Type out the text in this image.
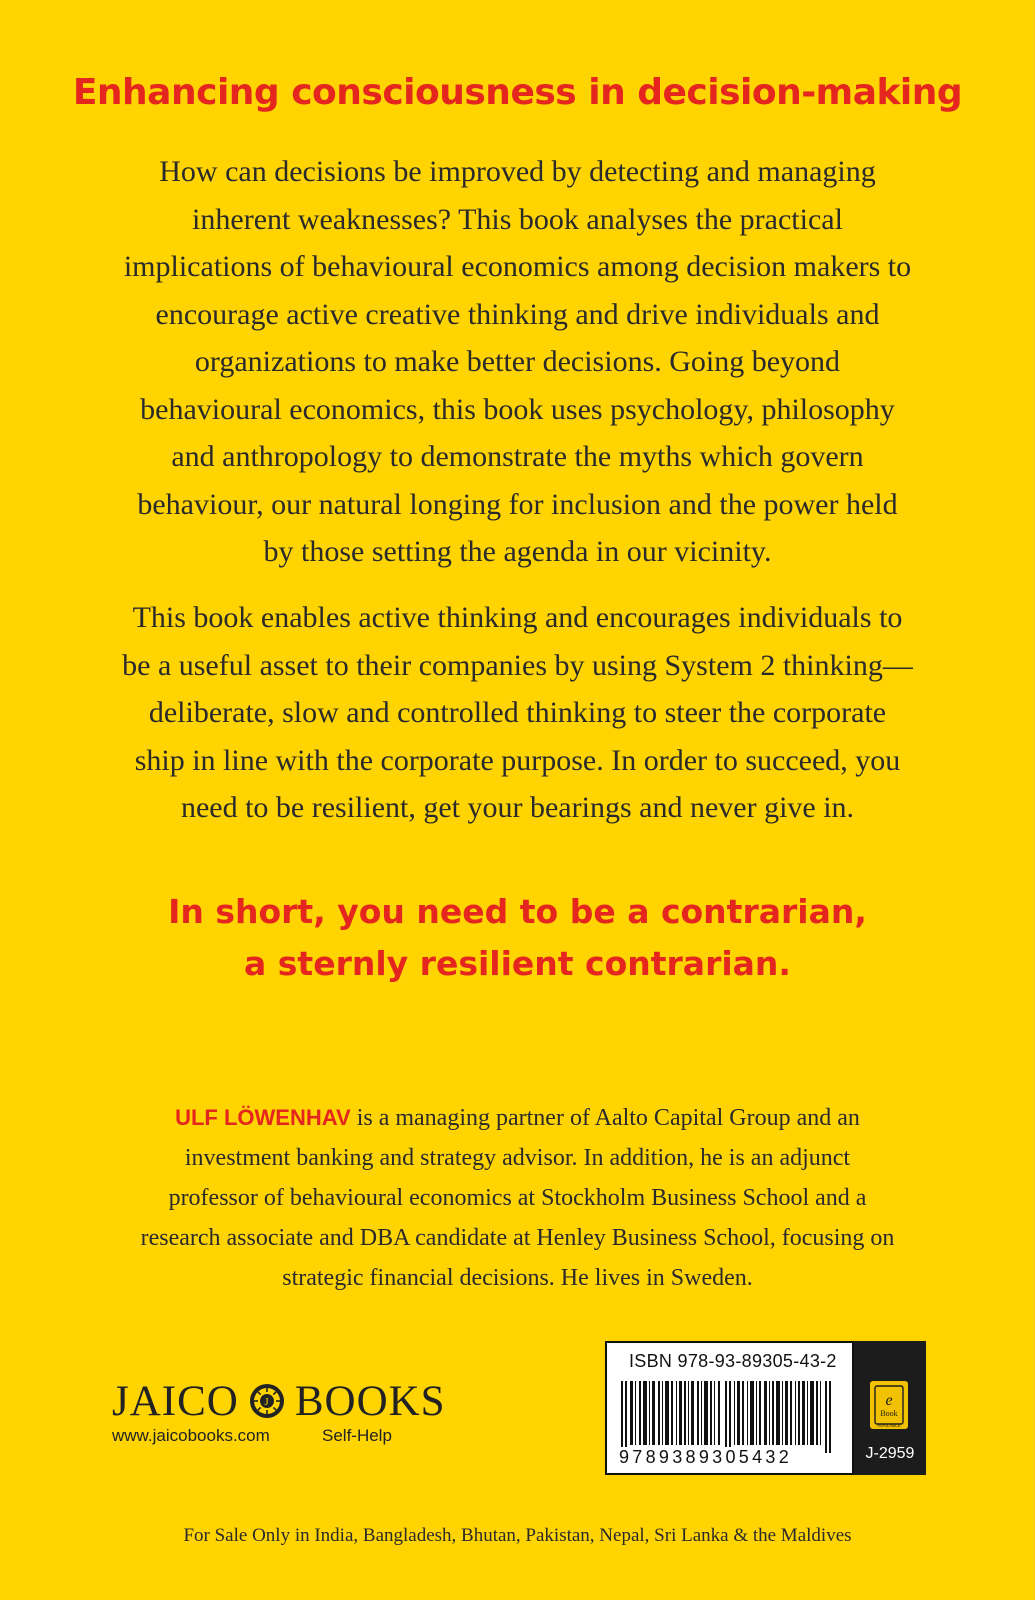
Enhancing consciousness in decision-making

How can decisions be improved by detecting and managing
inherent weaknesses? This book analyses the practical
implications of behavioural economics among decision makers to
encourage active creative thinking and drive individuals and
organizations to make better decisions. Going beyond
behavioural economics, this book uses psychology, philosophy
and anthropology to demonstrate the myths which govern
behaviour, our natural longing for inclusion and the power held
by those setting the agenda in our vicinity.

This book enables active thinking and encourages individuals to
be a useful asset to their companies by using System 2 thinking—
deliberate, slow and controlled thinking to steer the corporate
ship in line with the corporate purpose. In order to succeed, you
need to be resilient, get your bearings and never give in.

In short, you need to be a contrarian,
a sternly resilient contrarian.

ULF LÖWENHAV is a managing partner of Aalto Capital Group and an
investment banking and strategy advisor. In addition, he is an adjunct
professor of behavioural economics at Stockholm Business School and a
research associate and DBA candidate at Henley Business School, focusing on
strategic financial decisions. He lives in Sweden.

JAICO J BOOKS
www.jaicobooks.com	Self-Help
ISBN 978-93-89305-43-2
9789389305432
e
Book
AVAILABLE
J-2959
For Sale Only in India, Bangladesh, Bhutan, Pakistan, Nepal, Sri Lanka & the Maldives
